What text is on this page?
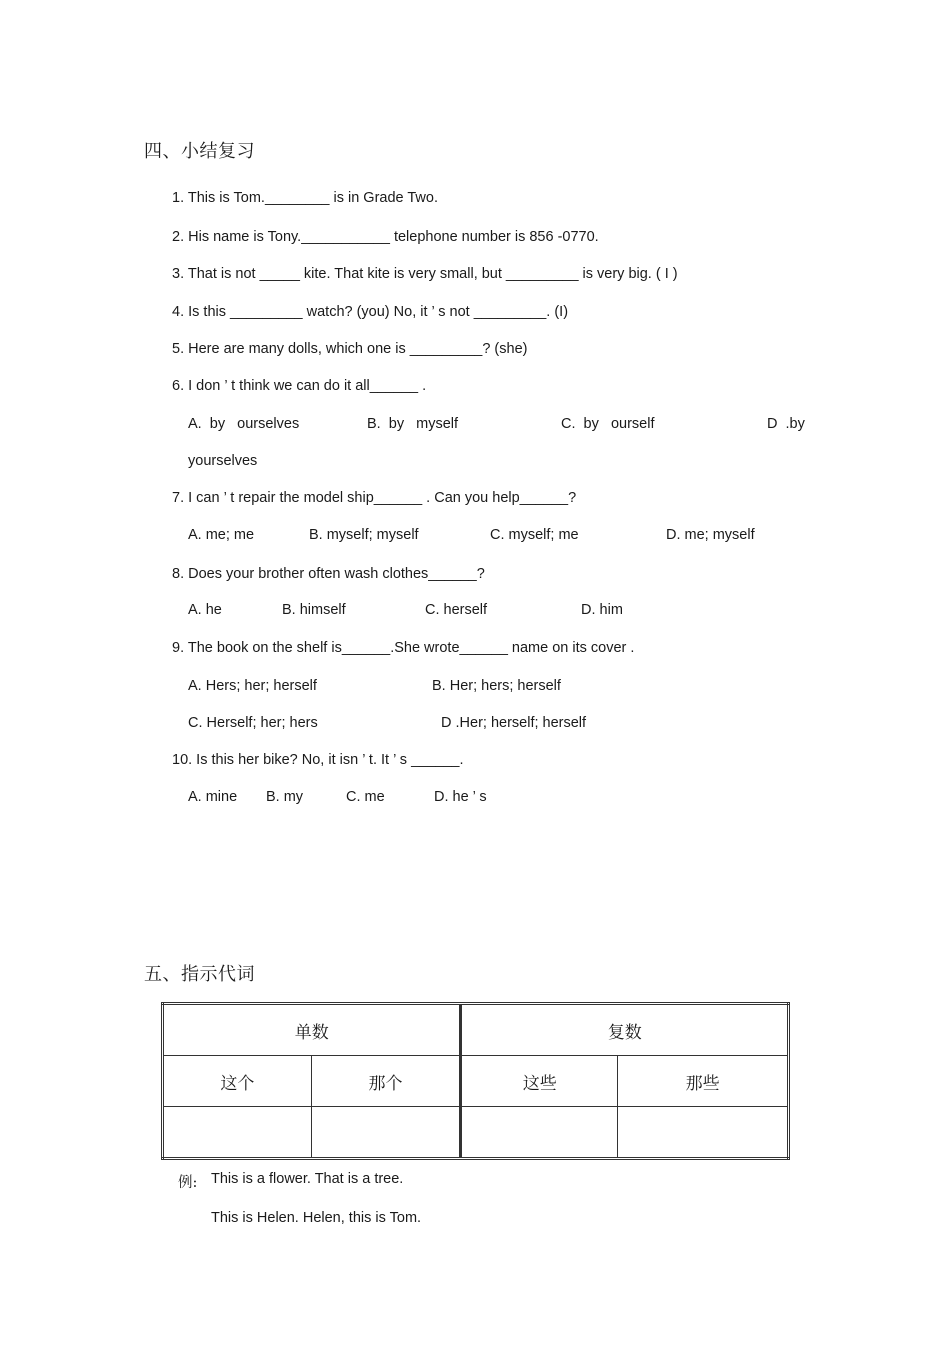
四、小结复习
1. This is Tom.________ is in Grade Two.
2. His name is Tony.___________ telephone number is 856 -0770.
3. That is not _____ kite. That kite is very small, but _________ is very big. ( I )
4. Is this _________ watch? (you) No, it ’ s not _________. (I)
5. Here are many dolls, which one is _________? (she)
6. I don ’ t think we can do it all______ .
A.  by   ourselves	B.  by   myself	C.  by   ourself	D  .by
yourselves
7. I can ’ t repair the model ship______ . Can you help______?
A. me; me	B. myself; myself	C. myself; me	D. me; myself
8. Does your brother often wash clothes______?
A. he	B. himself	C. herself	D. him
9. The book on the shelf is______.She wrote______ name on its cover .
A. Hers; her; herself	B. Her; hers; herself
C. Herself; her; hers	D .Her; herself; herself
10. Is this her bike? No, it isn ’ t. It ’ s ______.
A. mine B. my	C. me	D. he ’ s
五、指示代词
单数		复数	
这个	那个	这些	那些

例: This is a flower. That is a tree.
This is Helen. Helen, this is Tom.
